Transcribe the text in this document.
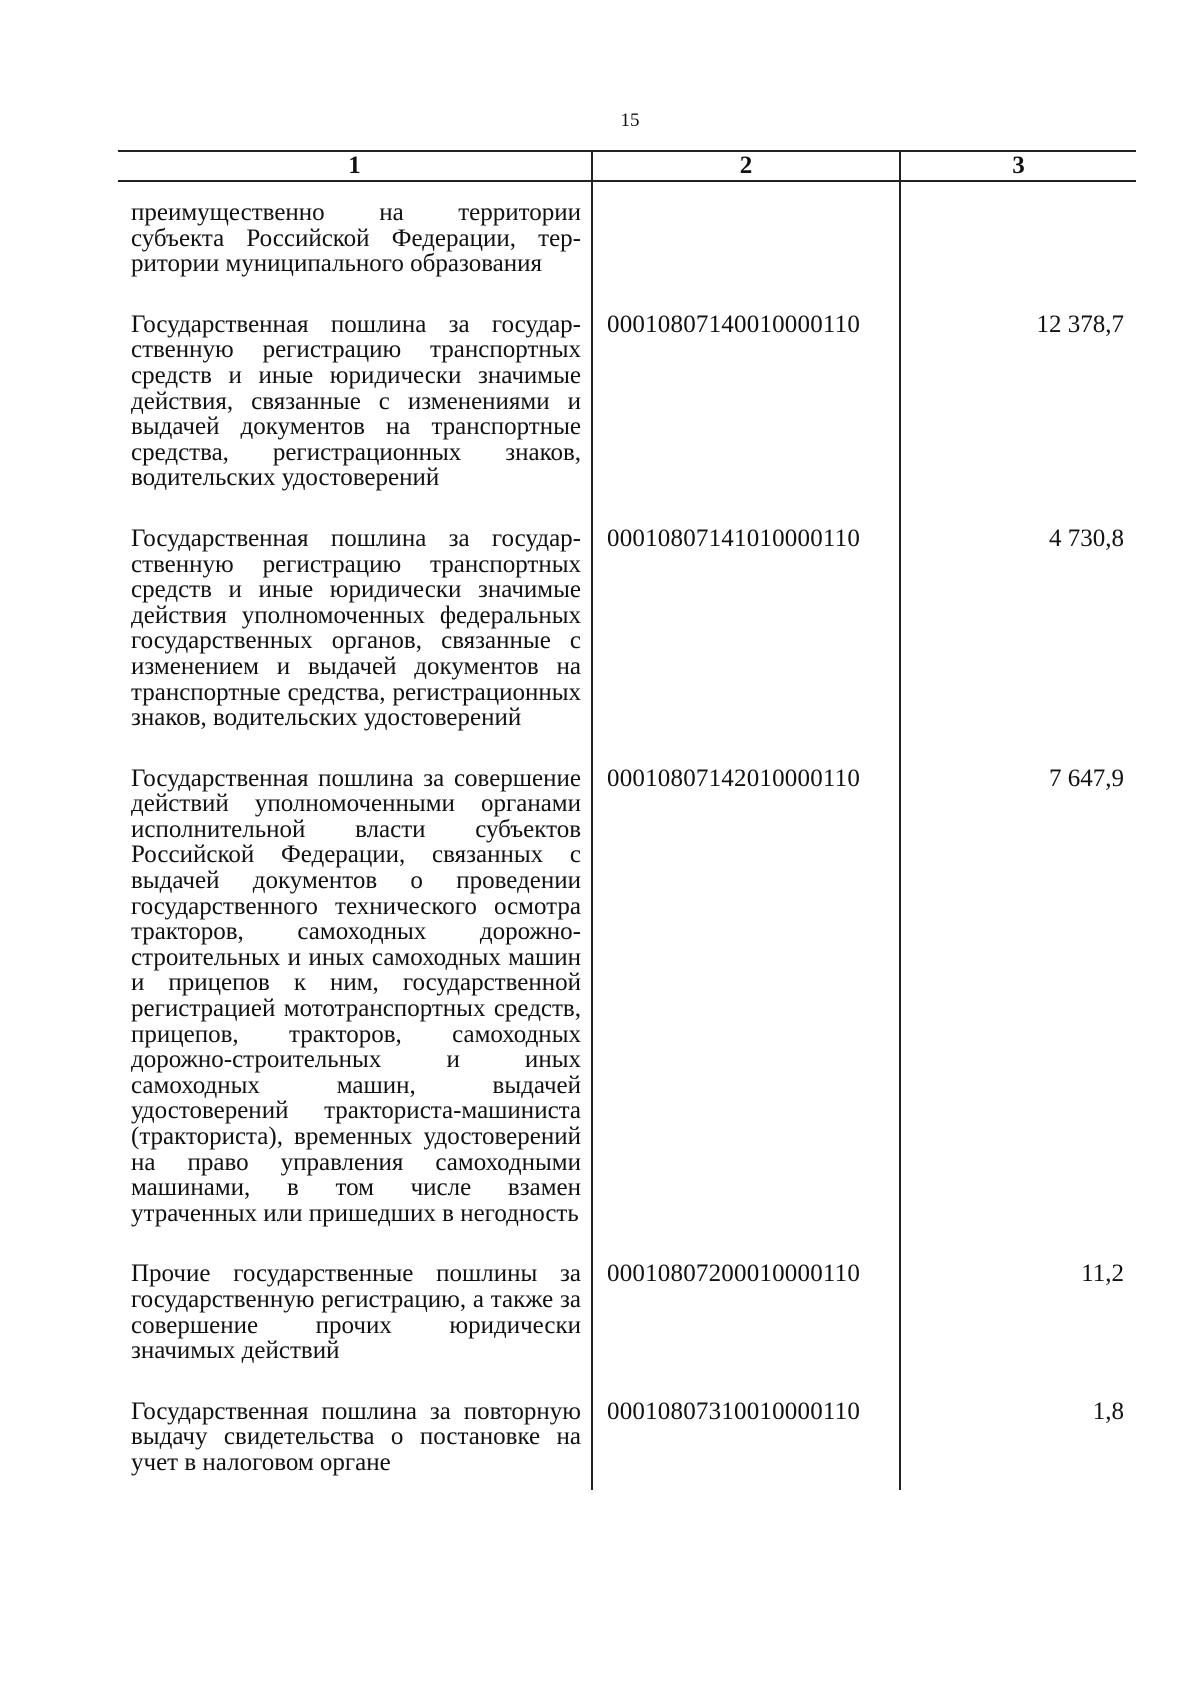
15
1	2	3
преимущественно на территории субъекта Российской Федерации, территории муниципального образования		
Государственная пошлина за государственную регистрацию транспортных средств и иные юридически значимые действия, связанные с изменениями и выдачей документов на транспортные средства, регистрационных знаков, водительских удостоверений	00010807140010000110	12 378,7
Государственная пошлина за государственную регистрацию транспортных средств и иные юридически значимые действия уполномоченных федеральных государственных органов, связанные с изменением и выдачей документов на транспортные средства, регистрационных знаков, водительских удостоверений	00010807141010000110	4 730,8
Государственная пошлина за совершение действий уполномоченными органами исполнительной власти субъектов Российской Федерации, связанных с выдачей документов о проведении государственного технического осмотра тракторов, самоходных дорожно-строительных и иных самоходных машин и прицепов к ним, государственной регистрацией мототранспортных средств, прицепов, тракторов, самоходных дорожно-строительных и иных самоходных машин, выдачей удостоверений тракториста-машиниста (тракториста), временных удостоверений на право управления самоходными машинами, в том числе взамен утраченных или пришедших в негодность	00010807142010000110	7 647,9
Прочие государственные пошлины за государственную регистрацию, а также за совершение прочих юридически значимых действий	00010807200010000110	11,2
Государственная пошлина за повторную выдачу свидетельства о постановке на учет в налоговом органе	00010807310010000110	1,8
